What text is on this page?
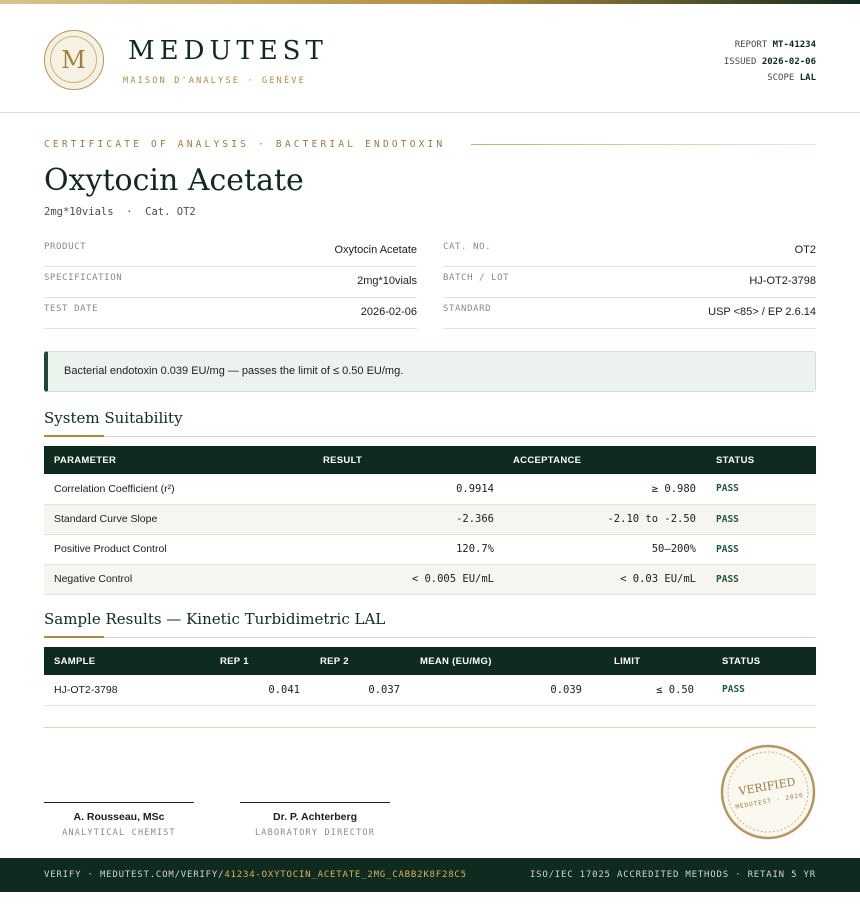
M	MEDUTEST
MAISON D'ANALYSE · GENÈVE
REPORT MT-41234
ISSUED 2026-02-06
SCOPE LAL
CERTIFICATE OF ANALYSIS · BACTERIAL ENDOTOXIN
Oxytocin Acetate
2mg*10vials  ·  Cat. OT2
PRODUCT	Oxytocin Acetate
SPECIFICATION	2mg*10vials
TEST DATE	2026-02-06
CAT. NO.	OT2
BATCH / LOT	HJ-OT2-3798
STANDARD	USP <85> / EP 2.6.14
Bacterial endotoxin 0.039 EU/mg — passes the limit of ≤ 0.50 EU/mg.
System Suitability
PARAMETER	RESULT	ACCEPTANCE	STATUS
Correlation Coefficient (r²)	0.9914	≥ 0.980	PASS
Standard Curve Slope	-2.366	-2.10 to -2.50	PASS
Positive Product Control	120.7%	50–200%	PASS
Negative Control	< 0.005 EU/mL	< 0.03 EU/mL	PASS
Sample Results — Kinetic Turbidimetric LAL
SAMPLE	REP 1	REP 2	MEAN (EU/MG)	LIMIT	STATUS
HJ-OT2-3798	0.041	0.037	0.039	≤ 0.50	PASS
A. Rousseau, MSc
ANALYTICAL CHEMIST
Dr. P. Achterberg
LABORATORY DIRECTOR
VERIFIED
MEDUTEST · 2026
VERIFY · MEDUTEST.COM/VERIFY/41234-OXYTOCIN_ACETATE_2MG_CABB2K8F28C5	ISO/IEC 17025 ACCREDITED METHODS · RETAIN 5 YR
